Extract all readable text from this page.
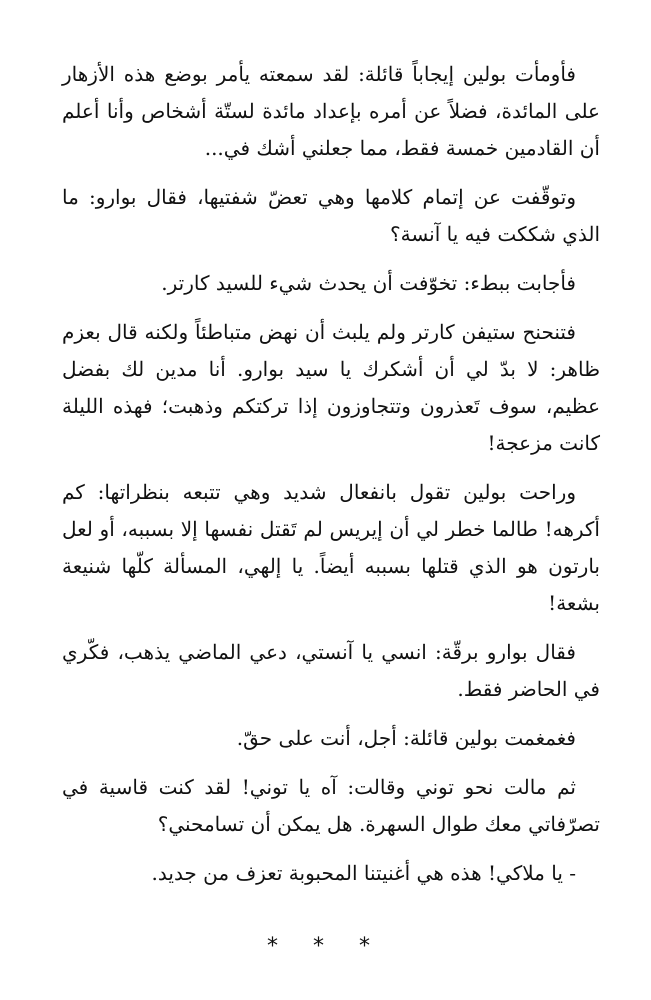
فأومأت بولين إيجاباً قائلة: لقد سمعته يأمر بوضع هذه الأزهار على المائدة، فضلاً عن أمره بإعداد مائدة لستّة أشخاص وأنا أعلم أن القادمين خمسة فقط، مما جعلني أشك في...

وتوقّفت عن إتمام كلامها وهي تعضّ شفتيها، فقال بوارو: ما الذي شككت فيه يا آنسة؟

فأجابت ببطء: تخوّفت أن يحدث شيء للسيد كارتر.

فتنحنح ستيفن كارتر ولم يلبث أن نهض متباطئاً ولكنه قال بعزم ظاهر: لا بدّ لي أن أشكرك يا سيد بوارو. أنا مدين لك بفضل عظيم، سوف تَعذرون وتتجاوزون إذا تركتكم وذهبت؛ فهذه الليلة كانت مزعجة!

وراحت بولين تقول بانفعال شديد وهي تتبعه بنظراتها: كم أكرهه! طالما خطر لي أن إيريس لم تَقتل نفسها إلا بسببه، أو لعل بارتون هو الذي قتلها بسببه أيضاً. يا إلهي، المسألة كلّها شنيعة بشعة!

فقال بوارو برقّة: انسي يا آنستي، دعي الماضي يذهب، فكّري في الحاضر فقط.

فغمغمت بولين قائلة: أجل، أنت على حقّ.

ثم مالت نحو توني وقالت: آه يا توني! لقد كنت قاسية في تصرّفاتي معك طوال السهرة. هل يمكن أن تسامحني؟

- يا ملاكي! هذه هي أغنيتنا المحبوبة تعزف من جديد.

* * *
